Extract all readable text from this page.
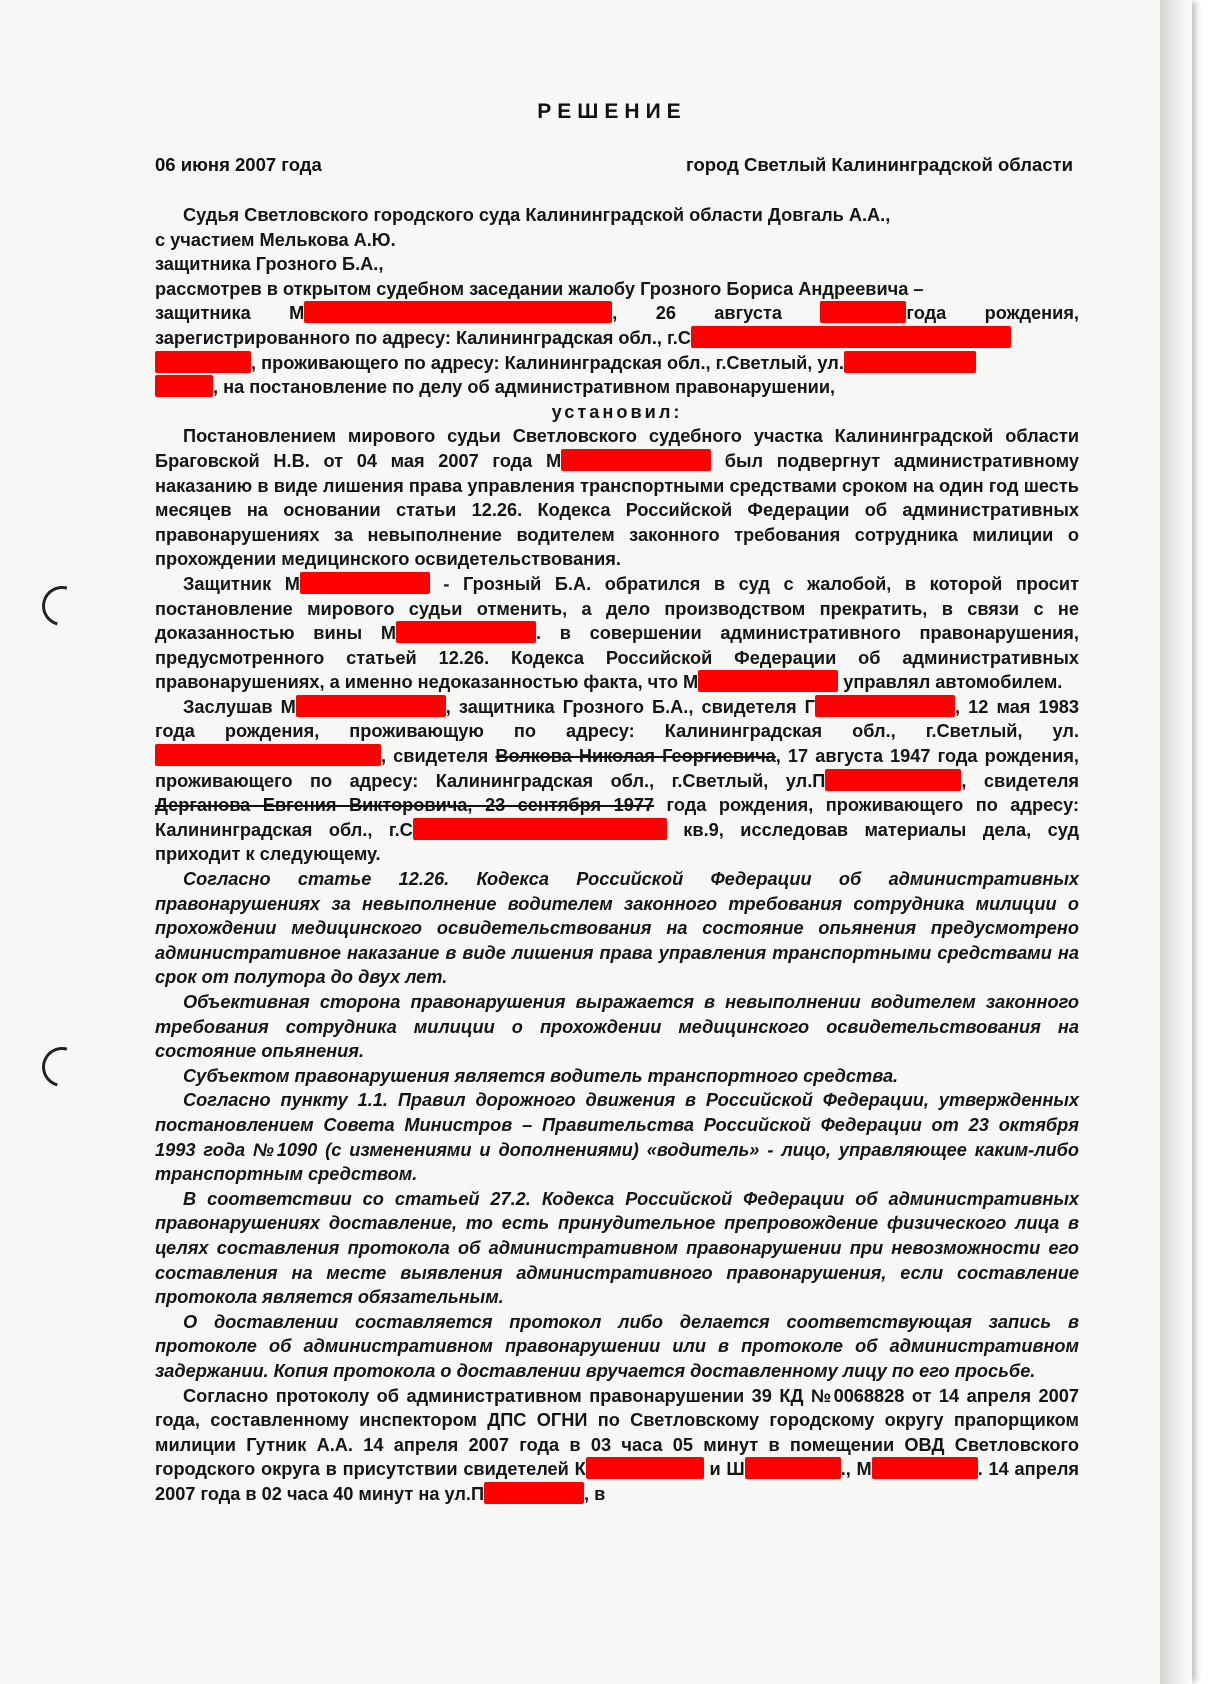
РЕШЕНИЕ
06 июня 2007 года	город Светлый Калининградской области

Судья Светловского городского суда Калининградской области Довгаль А.А.,

с участием Мелькова А.Ю.

защитника Грозного Б.А.,

рассмотрев в открытом судебном заседании жалобу Грозного Бориса Андреевича –

защитника М	, 26 августа	года рождения,

зарегистрированного по адресу: Калининградская обл., г.С

, проживающего по адресу: Калининградская обл., г.Светлый, ул.

, на постановление по делу об административном правонарушении,

установил:

Постановлением мирового судьи Светловского судебного участка Калининградской области Браговской Н.В. от 04 мая 2007 года М	был подвергнут административному наказанию в виде лишения права управления транспортными средствами сроком на один год шесть месяцев на основании статьи 12.26. Кодекса Российской Федерации об административных правонарушениях за невыполнение водителем законного требования сотрудника милиции о прохождении медицинского освидетельствования.

Защитник М	- Грозный Б.А. обратился в суд с жалобой, в которой просит постановление мирового судьи отменить, а дело производством прекратить, в связи с не доказанностью вины М	. в совершении административного правонарушения, предусмотренного статьей 12.26. Кодекса Российской Федерации об административных правонарушениях, а именно недоказанностью факта, что М	управлял автомобилем.

Заслушав М	, защитника Грозного Б.А., свидетеля Г	, 12 мая 1983 года рождения, проживающую по адресу: Калининградская обл., г.Светлый, ул., свидетеля Волкова Николая Георгиевича, 17 августа 1947 года рождения, проживающего по адресу: Калининградская обл., г.Светлый, ул.П	, свидетеля Дерганова Евгения Викторовича, 23 сентября 1977 года рождения, проживающего по адресу: Калининградская обл., г.С	кв.9, исследовав материалы дела, суд приходит к следующему.

Согласно статье 12.26. Кодекса Российской Федерации об административных правонарушениях за невыполнение водителем законного требования сотрудника милиции о прохождении медицинского освидетельствования на состояние опьянения предусмотрено административное наказание в виде лишения права управления транспортными средствами на срок от полутора до двух лет.

Объективная сторона правонарушения выражается в невыполнении водителем законного требования сотрудника милиции о прохождении медицинского освидетельствования на состояние опьянения.

Субъектом правонарушения является водитель транспортного средства.

Согласно пункту 1.1. Правил дорожного движения в Российской Федерации, утвержденных постановлением Совета Министров – Правительства Российской Федерации от 23 октября 1993 года №1090 (с изменениями и дополнениями) «водитель» - лицо, управляющее каким-либо транспортным средством.

В соответствии со статьей 27.2. Кодекса Российской Федерации об административных правонарушениях доставление, то есть принудительное препровождение физического лица в целях составления протокола об административном правонарушении при невозможности его составления на месте выявления административного правонарушения, если составление протокола является обязательным.

О доставлении составляется протокол либо делается соответствующая запись в протоколе об административном правонарушении или в протоколе об административном задержании. Копия протокола о доставлении вручается доставленному лицу по его просьбе.

Согласно протоколу об административном правонарушении 39 КД №0068828 от 14 апреля 2007 года, составленному инспектором ДПС ОГНИ по Светловскому городскому округу прапорщиком милиции Гутник А.А. 14 апреля 2007 года в 03 часа 05 минут в помещении ОВД Светловского городского округа в присутствии свидетелей К	и Ш	., М	. 14 апреля 2007 года в 02 часа 40 минут на ул.П	, в
